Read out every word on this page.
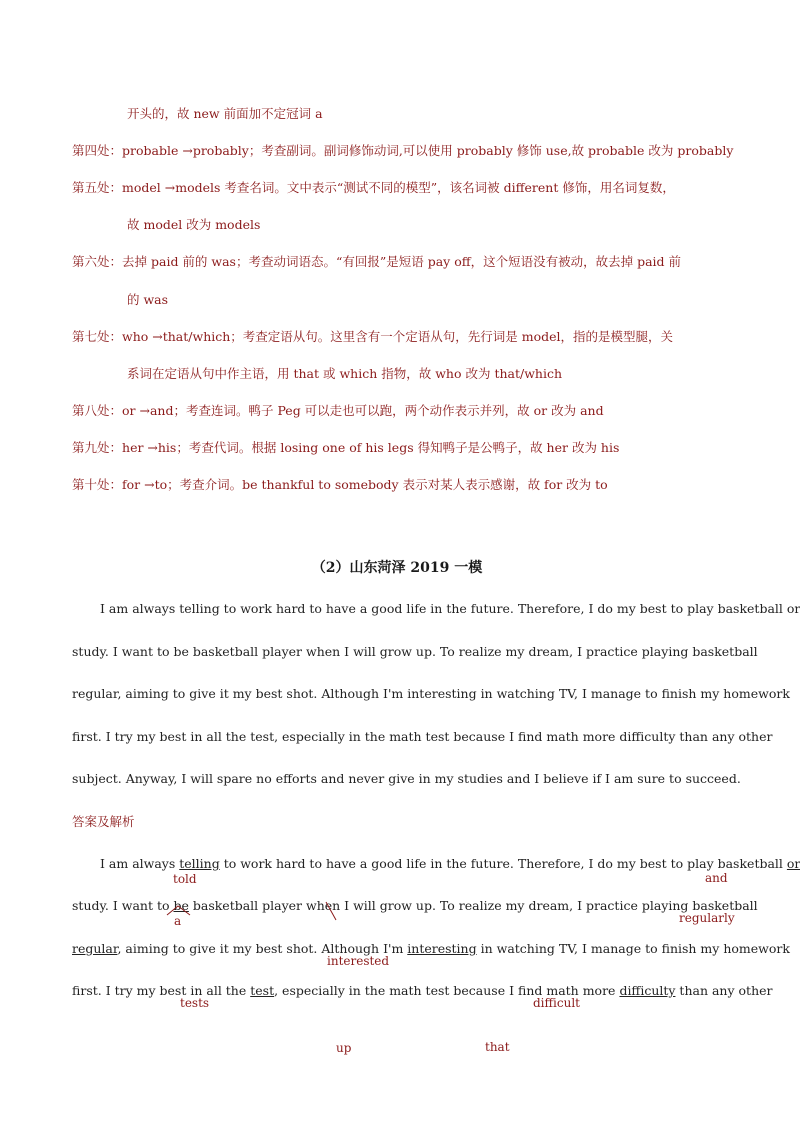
开头的，故 new 前面加不定冠词 a
第四处：probable →probably；考查副词。副词修饰动词,可以使用 probably 修饰 use,故 probable 改为 probably
第五处：model →models 考查名词。文中表示“测试不同的模型”，该名词被 different 修饰，用名词复数，
故 model 改为 models
第六处：去掉 paid 前的 was；考查动词语态。“有回报”是短语 pay off，这个短语没有被动，故去掉 paid 前
的 was
第七处：who →that/which；考查定语从句。这里含有一个定语从句，先行词是 model，指的是模型腿，关
系词在定语从句中作主语，用 that 或 which 指物，故 who 改为 that/which
第八处：or →and；考查连词。鸭子 Peg 可以走也可以跑，两个动作表示并列，故 or 改为 and
第九处：her →his；考查代词。根据 losing one of his legs 得知鸭子是公鸭子，故 her 改为 his
第十处：for →to；考查介词。be thankful to somebody 表示对某人表示感谢，故 for 改为 to
（2）山东菏泽 2019 一模
I am always telling to work hard to have a good life in the future. Therefore, I do my best to play basketball or
study. I want to be basketball player when I will grow up. To realize my dream, I practice playing basketball
regular, aiming to give it my best shot. Although I'm interesting in watching TV, I manage to finish my homework
first. I try my best in all the test, especially in the math test because I find math more difficulty than any other
subject. Anyway, I will spare no efforts and never give in my studies and I believe if I am sure to succeed.
答案及解析
I am always telling to work hard to have a good life in the future. Therefore, I do my best to play basketball or
study. I want to be basketball player when I will grow up. To realize my dream, I practice playing basketball
regular, aiming to give it my best shot. Although I'm interesting in watching TV, I manage to finish my homework
first. I try my best in all the test, especially in the math test because I find math more difficulty than any other
told	and
a	regularly
interested
tests	difficult
up	that
